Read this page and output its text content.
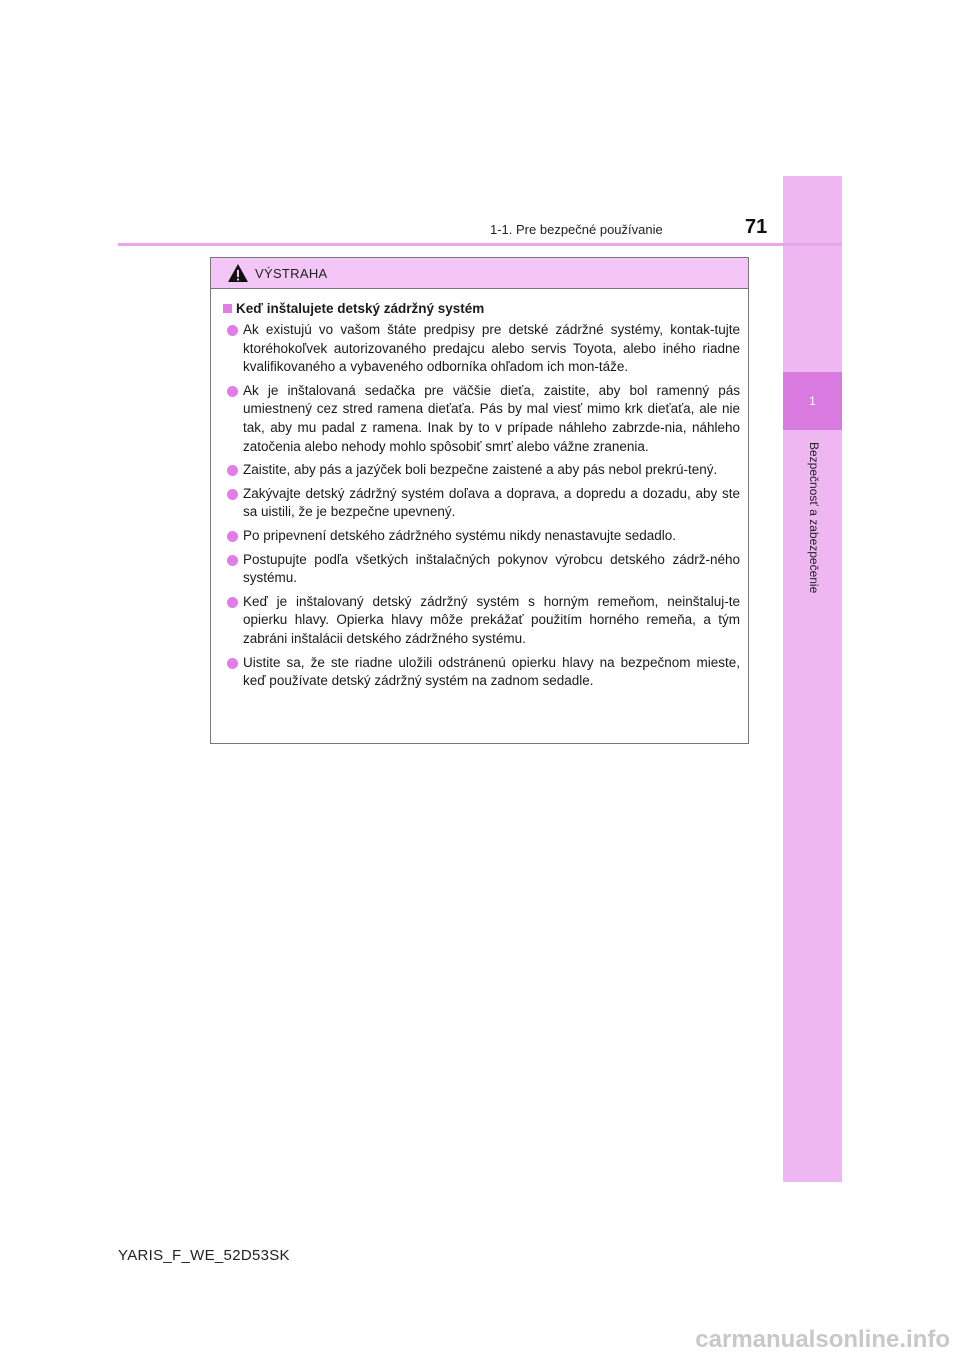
1
Bezpečnosť a zabezpečenie
1-1. Pre bezpečné používanie	71
VÝSTRAHA
Keď inštalujete detský zádržný systém
Ak existujú vo vašom štáte predpisy pre detské zádržné systémy, kontak-tujte ktoréhokoľvek autorizovaného predajcu alebo servis Toyota, alebo iného riadne kvalifikovaného a vybaveného odborníka ohľadom ich mon-táže.
Ak je inštalovaná sedačka pre väčšie dieťa, zaistite, aby bol ramenný pás umiestnený cez stred ramena dieťaťa. Pás by mal viesť mimo krk dieťaťa, ale nie tak, aby mu padal z ramena. Inak by to v prípade náhleho zabrzde-nia, náhleho zatočenia alebo nehody mohlo spôsobiť smrť alebo vážne zranenia.
Zaistite, aby pás a jazýček boli bezpečne zaistené a aby pás nebol prekrú-tený.
Zakývajte detský zádržný systém doľava a doprava, a dopredu a dozadu, aby ste sa uistili, že je bezpečne upevnený.
Po pripevnení detského zádržného systému nikdy nenastavujte sedadlo.
Postupujte podľa všetkých inštalačných pokynov výrobcu detského zádrž-ného systému.
Keď je inštalovaný detský zádržný systém s horným remeňom, neinštaluj-te opierku hlavy. Opierka hlavy môže prekážať použitím horného remeňa, a tým zabráni inštalácii detského zádržného systému.
Uistite sa, že ste riadne uložili odstránenú opierku hlavy na bezpečnom mieste, keď používate detský zádržný systém na zadnom sedadle.
YARIS_F_WE_52D53SK
carmanualsonline.info
